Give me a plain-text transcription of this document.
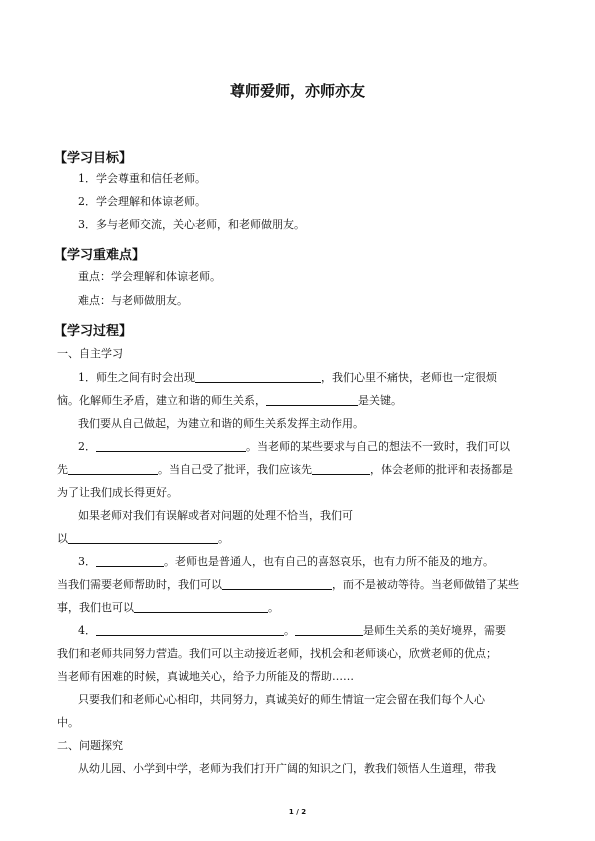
尊师爱师，亦师亦友
【学习目标】
1．学会尊重和信任老师。
2．学会理解和体谅老师。
3．多与老师交流，关心老师，和老师做朋友。
【学习重难点】
重点：学会理解和体谅老师。
难点：与老师做朋友。
【学习过程】
一、自主学习
1．师生之间有时会出现	，我们心里不痛快，老师也一定很烦
恼。化解师生矛盾，建立和谐的师生关系，	是关键。
我们要从自己做起，为建立和谐的师生关系发挥主动作用。
2．	。当老师的某些要求与自己的想法不一致时，我们可以
先	。当自己受了批评，我们应该先	，体会老师的批评和表扬都是
为了让我们成长得更好。
如果老师对我们有误解或者对问题的处理不恰当，我们可
以	。
3．	。老师也是普通人，也有自己的喜怒哀乐，也有力所不能及的地方。
当我们需要老师帮助时，我们可以	，而不是被动等待。当老师做错了某些
事，我们也可以	。
4．	。	是师生关系的美好境界，需要
我们和老师共同努力营造。我们可以主动接近老师，找机会和老师谈心，欣赏老师的优点；
当老师有困难的时候，真诚地关心，给予力所能及的帮助……
只要我们和老师心心相印，共同努力，真诚美好的师生情谊一定会留在我们每个人心
中。
二、问题探究
从幼儿园、小学到中学，老师为我们打开广阔的知识之门，教我们领悟人生道理，带我
1 / 2
